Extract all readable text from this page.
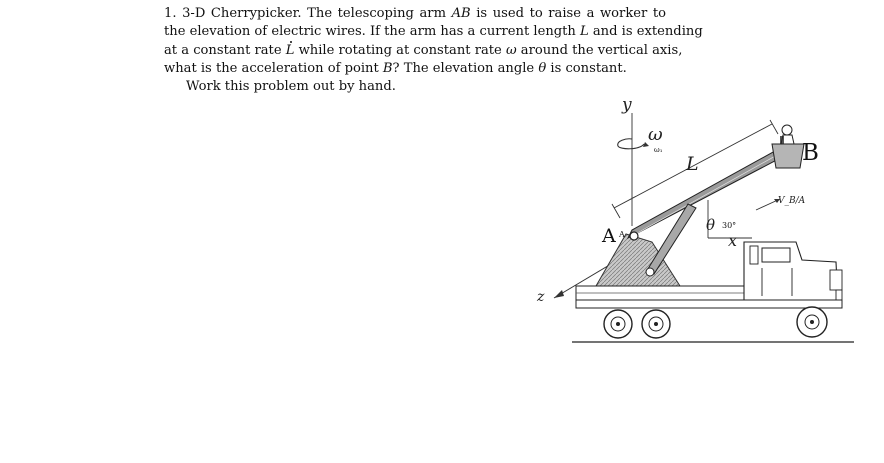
1. 3-D Cherrypicker. The telescoping arm AB is used to raise a worker to
the elevation of electric wires. If the arm has a current length L and is extending
at a constant rate L while rotating at constant rate ω around the vertical axis,
what is the acceleration of point B? The elevation angle θ is constant.
Work this problem out by hand.
y
ω
ω₁
L
z
A A
B
V_B/A
θ 30°
x
